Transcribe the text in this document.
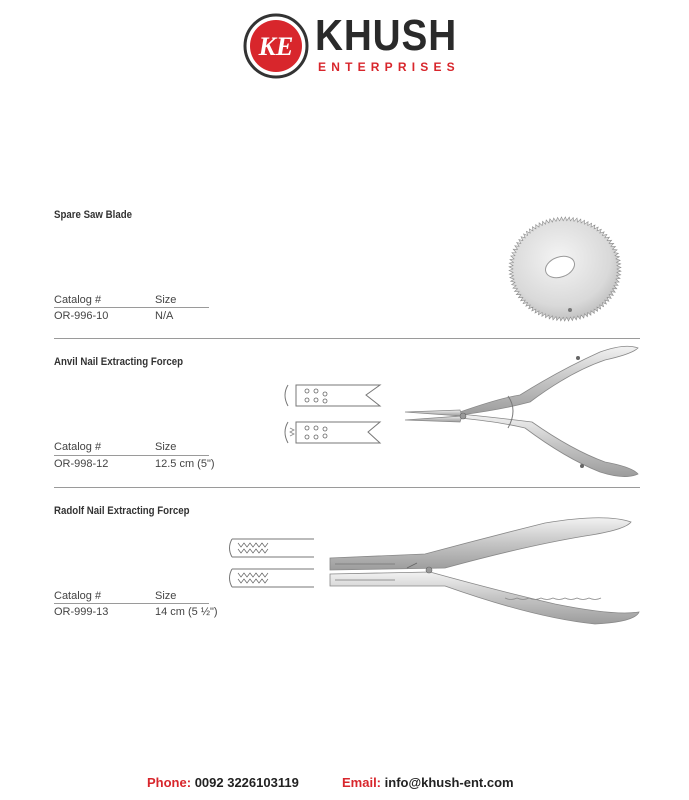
KE KHUSH
ENTERPRISES
Spare Saw Blade
Catalog #	Size
OR-996-10	N/A
Anvil Nail Extracting Forcep
Catalog #	Size
OR-998-12	12.5 cm (5")
Radolf Nail Extracting Forcep
Catalog #	Size
OR-999-13	14 cm (5 ½")
Phone: 0092 3226103119	Email: info@khush-ent.com
